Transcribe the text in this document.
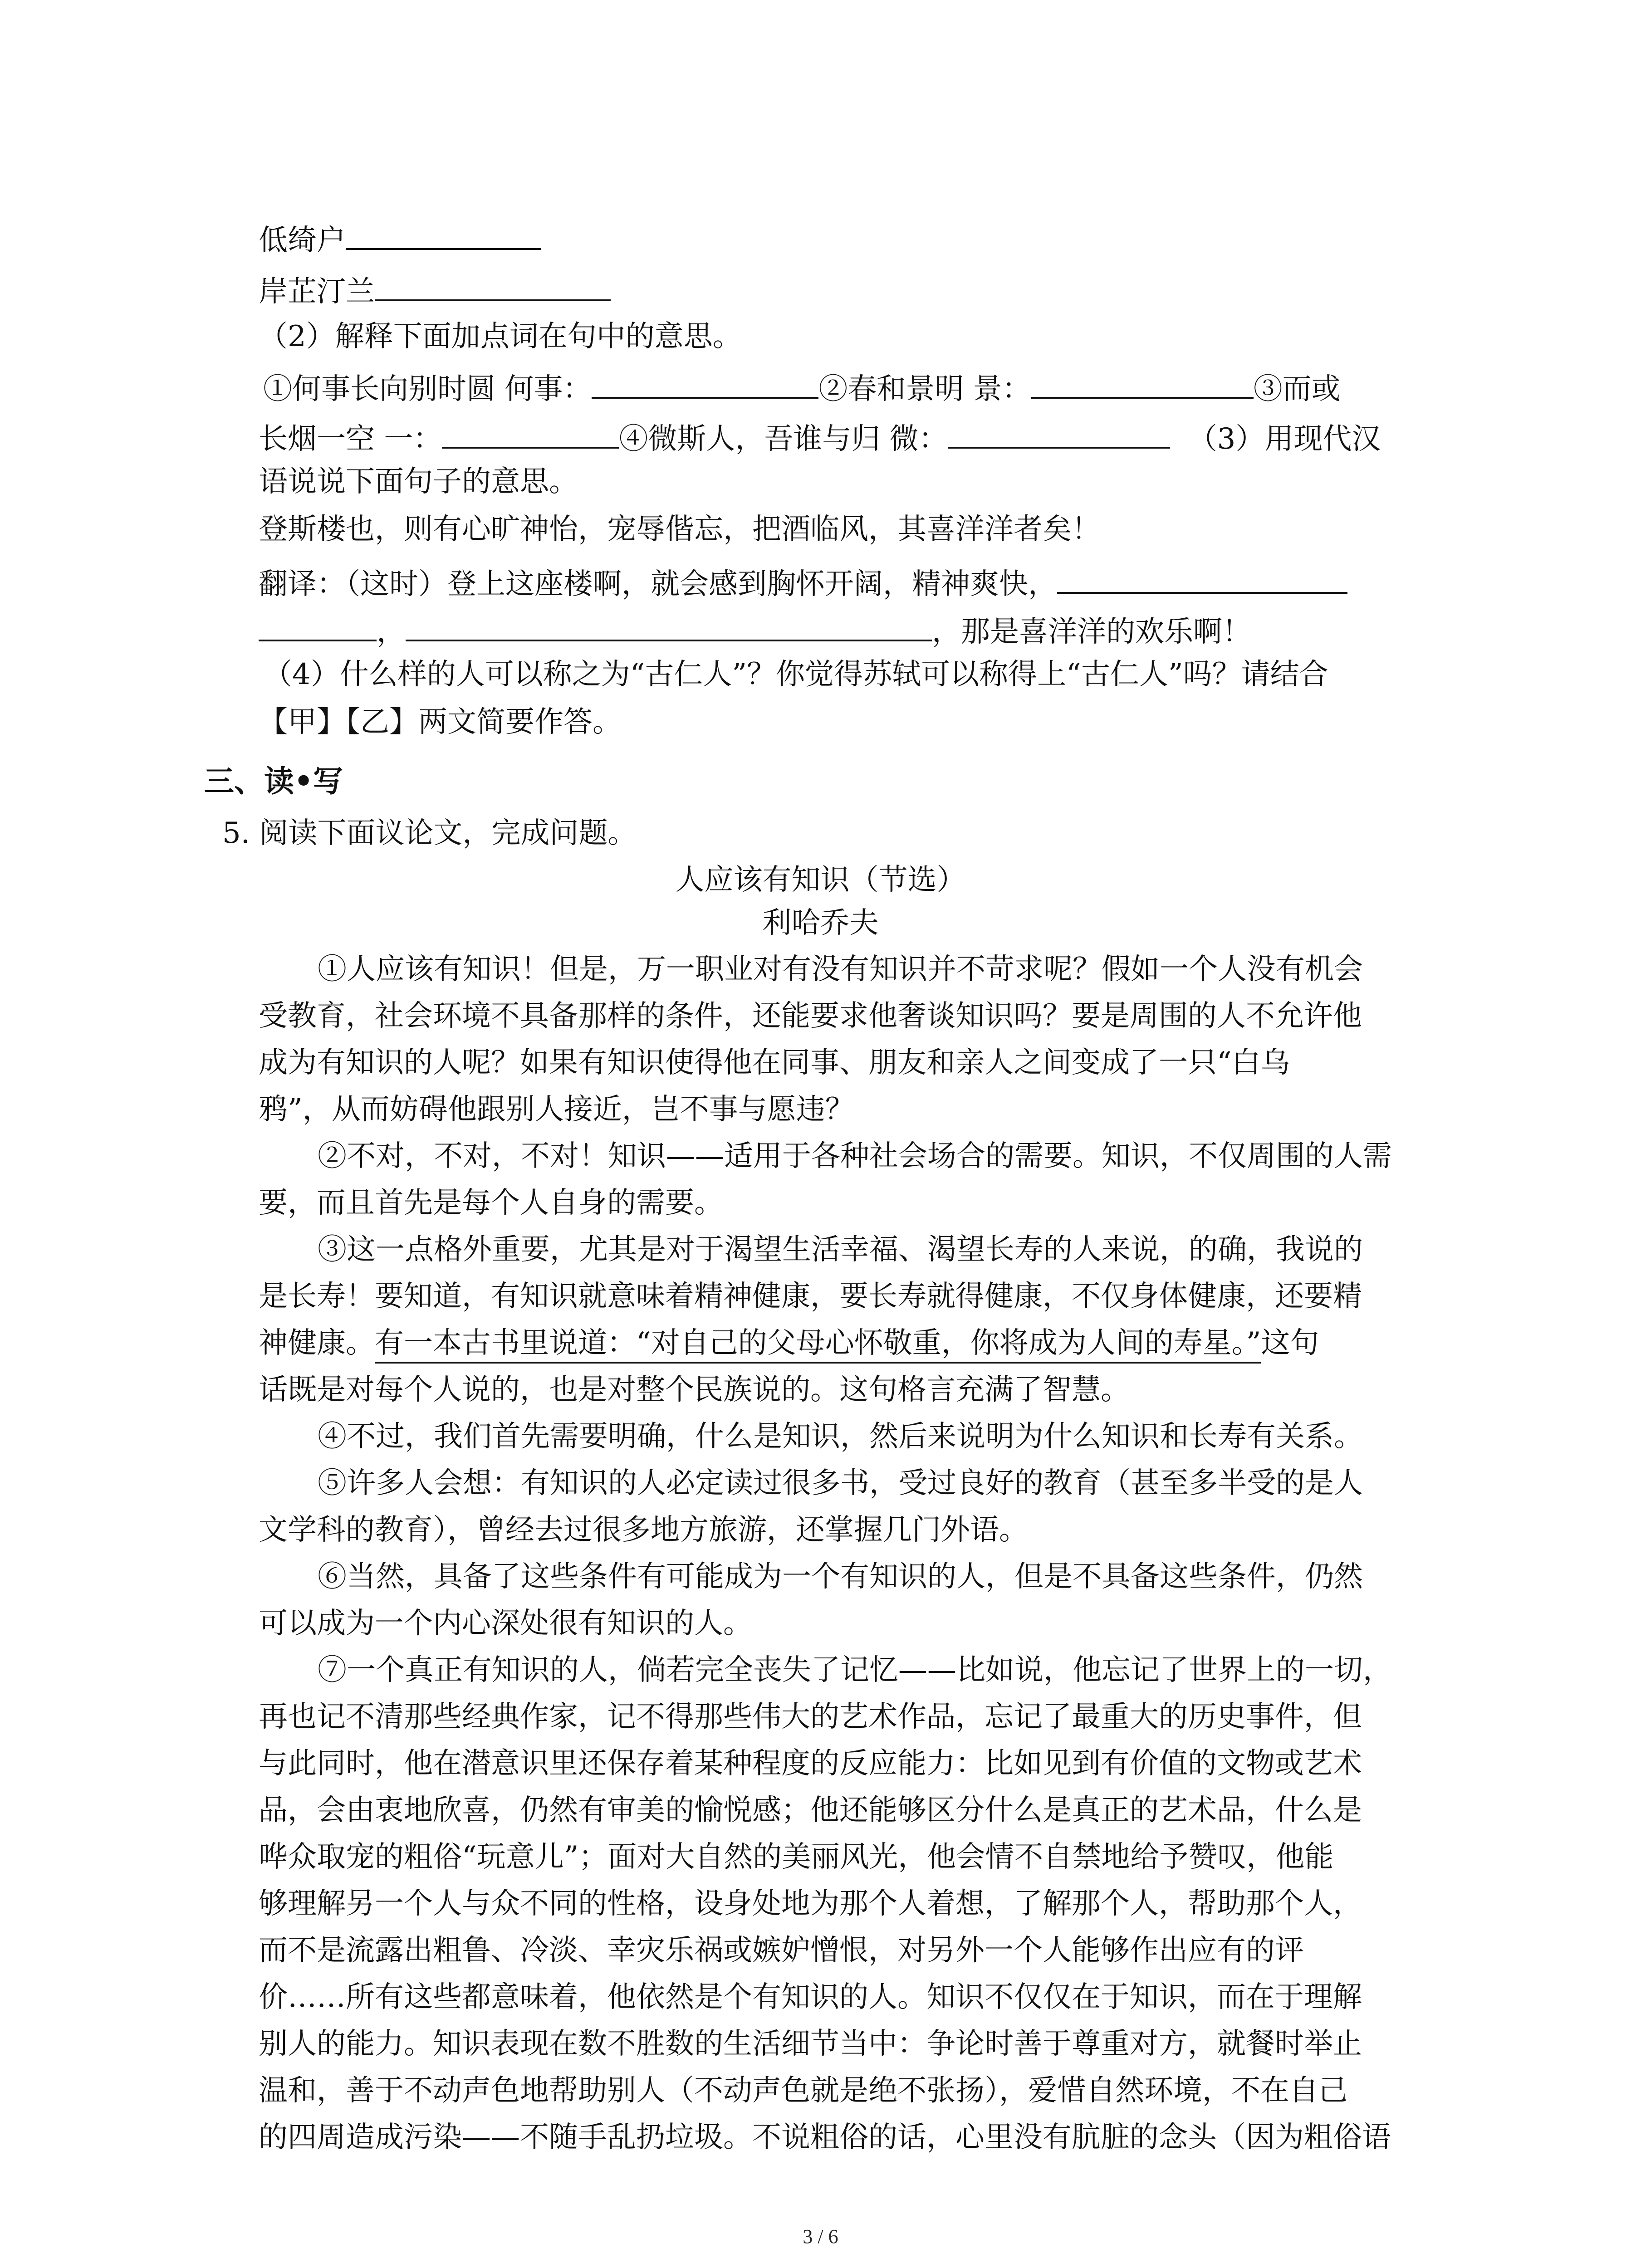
低绮户
岸芷汀兰
（2）解释下面加点词在句中的意思。
①何事长向别时圆 何事：	②春和景明 景：	③而或
长烟一空 一：	④微斯人，吾谁与归 微：	（3）用现代汉
语说说下面句子的意思。
登斯楼也，则有心旷神怡，宠辱偕忘，把酒临风，其喜洋洋者矣！
翻译：（这时）登上这座楼啊，就会感到胸怀开阔，精神爽快，
，	，那是喜洋洋的欢乐啊！
（4）什么样的人可以称之为“古仁人”？你觉得苏轼可以称得上“古仁人”吗？请结合
【甲】【乙】两文简要作答。
三、读•写
5. 阅读下面议论文，完成问题。
人应该有知识（节选）
利哈乔夫
①人应该有知识！但是，万一职业对有没有知识并不苛求呢？假如一个人没有机会
受教育，社会环境不具备那样的条件，还能要求他奢谈知识吗？要是周围的人不允许他
成为有知识的人呢？如果有知识使得他在同事、朋友和亲人之间变成了一只“白乌
鸦”，从而妨碍他跟别人接近，岂不事与愿违？
②不对，不对，不对！知识——适用于各种社会场合的需要。知识，不仅周围的人需
要，而且首先是每个人自身的需要。
③这一点格外重要，尤其是对于渴望生活幸福、渴望长寿的人来说，的确，我说的
是长寿！要知道，有知识就意味着精神健康，要长寿就得健康，不仅身体健康，还要精
神健康。有一本古书里说道：“对自己的父母心怀敬重，你将成为人间的寿星。”这句
话既是对每个人说的，也是对整个民族说的。这句格言充满了智慧。
④不过，我们首先需要明确，什么是知识，然后来说明为什么知识和长寿有关系。
⑤许多人会想：有知识的人必定读过很多书，受过良好的教育（甚至多半受的是人
文学科的教育），曾经去过很多地方旅游，还掌握几门外语。
⑥当然，具备了这些条件有可能成为一个有知识的人，但是不具备这些条件，仍然
可以成为一个内心深处很有知识的人。
⑦一个真正有知识的人，倘若完全丧失了记忆——比如说，他忘记了世界上的一切，
再也记不清那些经典作家，记不得那些伟大的艺术作品，忘记了最重大的历史事件，但
与此同时，他在潜意识里还保存着某种程度的反应能力：比如见到有价值的文物或艺术
品，会由衷地欣喜，仍然有审美的愉悦感；他还能够区分什么是真正的艺术品，什么是
哗众取宠的粗俗“玩意儿”；面对大自然的美丽风光，他会情不自禁地给予赞叹，他能
够理解另一个人与众不同的性格，设身处地为那个人着想，了解那个人，帮助那个人，
而不是流露出粗鲁、冷淡、幸灾乐祸或嫉妒憎恨，对另外一个人能够作出应有的评
价……所有这些都意味着，他依然是个有知识的人。知识不仅仅在于知识，而在于理解
别人的能力。知识表现在数不胜数的生活细节当中：争论时善于尊重对方，就餐时举止
温和，善于不动声色地帮助别人（不动声色就是绝不张扬），爱惜自然环境，不在自己
的四周造成污染——不随手乱扔垃圾。不说粗俗的话，心里没有肮脏的念头（因为粗俗语
3 / 6
